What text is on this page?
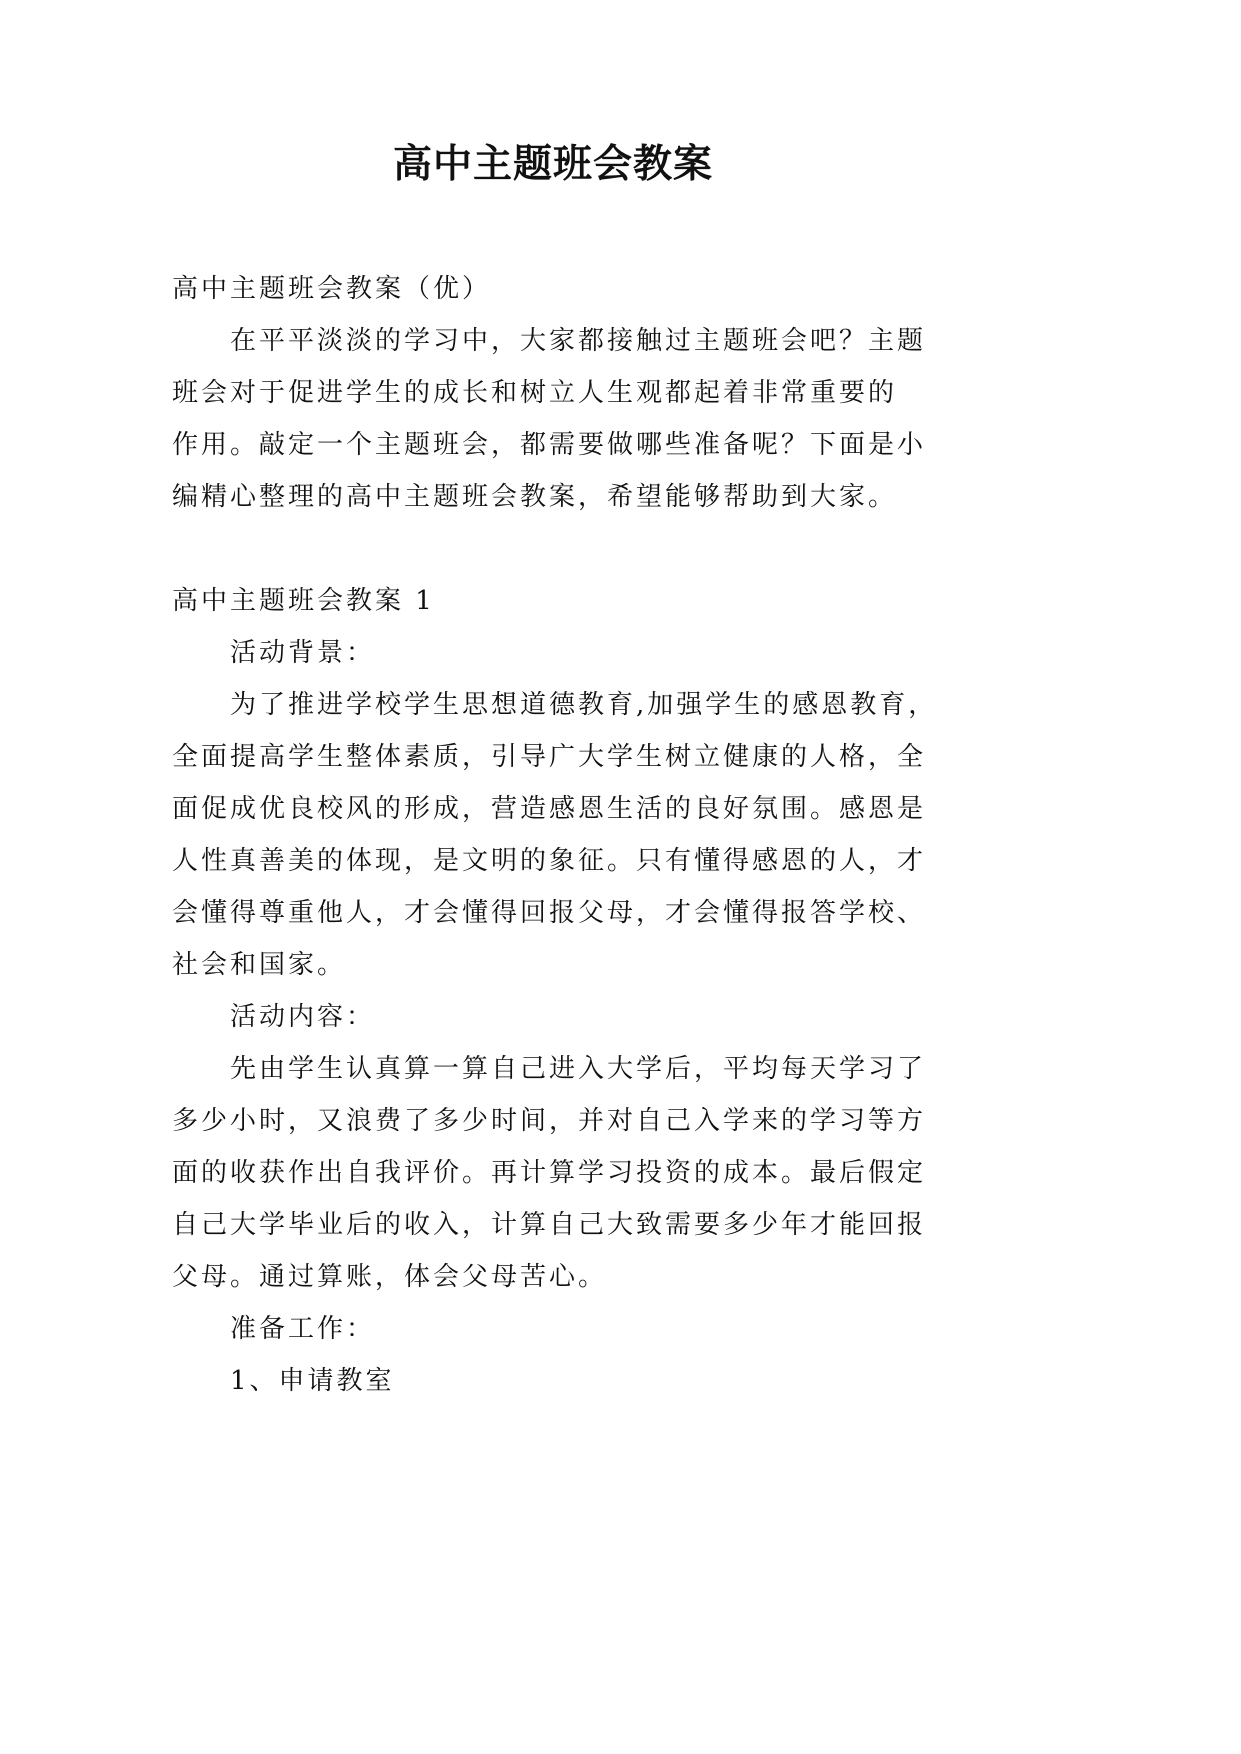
高中主题班会教案
高中主题班会教案（优）
在平平淡淡的学习中，大家都接触过主题班会吧？主题
班会对于促进学生的成长和树立人生观都起着非常重要的
作用。敲定一个主题班会，都需要做哪些准备呢？下面是小
编精心整理的高中主题班会教案，希望能够帮助到大家。
高中主题班会教案 1
活动背景：
为了推进学校学生思想道德教育,加强学生的感恩教育，
全面提高学生整体素质，引导广大学生树立健康的人格，全
面促成优良校风的形成，营造感恩生活的良好氛围。感恩是
人性真善美的体现，是文明的象征。只有懂得感恩的人，才
会懂得尊重他人，才会懂得回报父母，才会懂得报答学校、
社会和国家。
活动内容：
先由学生认真算一算自己进入大学后，平均每天学习了
多少小时，又浪费了多少时间，并对自己入学来的学习等方
面的收获作出自我评价。再计算学习投资的成本。最后假定
自己大学毕业后的收入，计算自己大致需要多少年才能回报
父母。通过算账，体会父母苦心。
准备工作：
1、申请教室
